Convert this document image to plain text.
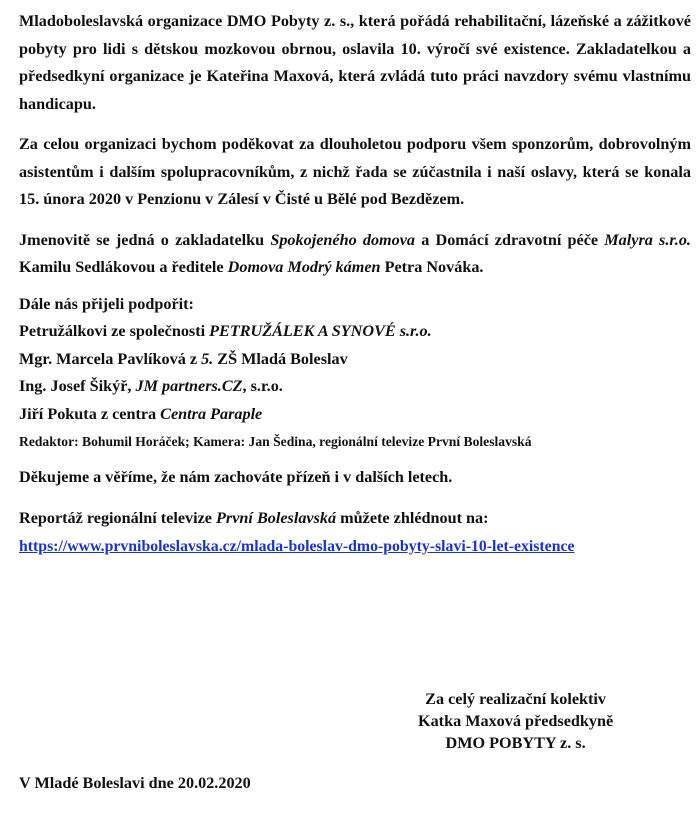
Mladoboleslavská organizace DMO Pobyty z. s., která pořádá rehabilitační, lázeňské a zážitkové pobyty pro lidi s dětskou mozkovou obrnou, oslavila 10. výročí své existence. Zakladatelkou a předsedkyní organizace je Kateřina Maxová, která zvládá tuto práci navzdory svému vlastnímu handicapu.

Za celou organizaci bychom poděkovat za dlouholetou podporu všem sponzorům, dobrovolným asistentům i dalším spolupracovníkům, z nichž řada se zúčastnila i naší oslavy, která se konala 15. února 2020 v Penzionu v Zálesí v Čisté u Bělé pod Bezdězem.

Jmenovitě se jedná o zakladatelku Spokojeného domova a Domácí zdravotní péče Malyra s.r.o. Kamilu Sedlákovou a ředitele Domova Modrý kámen Petra Nováka.

Dále nás přijeli podpořit:
Petružálkovi ze společnosti PETRUŽÁLEK A SYNOVÉ s.r.o.
Mgr. Marcela Pavlíková z 5. ZŠ Mladá Boleslav
Ing. Josef Šikýř, JM partners.CZ, s.r.o.
Jiří Pokuta z centra Centra Paraple
Redaktor: Bohumil Horáček; Kamera: Jan Šedina, regionální televize První Boleslavská
Děkujeme a věříme, že nám zachováte přízeň i v dalších letech.
Reportáž regionální televize První Boleslavská můžete zhlédnout na:
https://www.prvniboleslavska.cz/mlada-boleslav-dmo-pobyty-slavi-10-let-existence
Za celý realizační kolektiv
Katka Maxová předsedkyně
DMO POBYTY z. s.
V Mladé Boleslavi dne 20.02.2020
